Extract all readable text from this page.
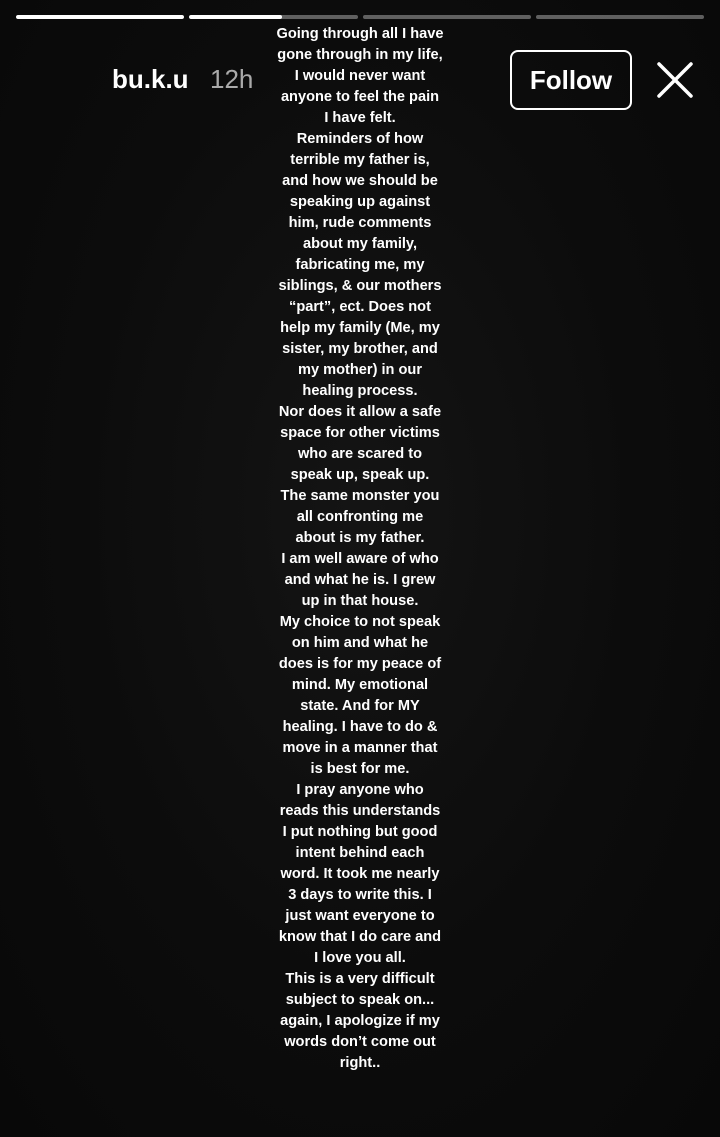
bu.k.u 12h	Follow
Going through all I have
gone through in my life,
I would never want
anyone to feel the pain
I have felt.
Reminders of how
terrible my father is,
and how we should be
speaking up against
him, rude comments
about my family,
fabricating me, my
siblings, & our mothers
“part”, ect. Does not
help my family (Me, my
sister, my brother, and
my mother) in our
healing process.
Nor does it allow a safe
space for other victims
who are scared to
speak up, speak up.
The same monster you
all confronting me
about is my father.
I am well aware of who
and what he is. I grew
up in that house.
My choice to not speak
on him and what he
does is for my peace of
mind. My emotional
state. And for MY
healing. I have to do &
move in a manner that
is best for me.
I pray anyone who
reads this understands
I put nothing but good
intent behind each
word. It took me nearly
3 days to write this. I
just want everyone to
know that I do care and
I love you all.
This is a very difficult
subject to speak on...
again, I apologize if my
words don’t come out
right..
